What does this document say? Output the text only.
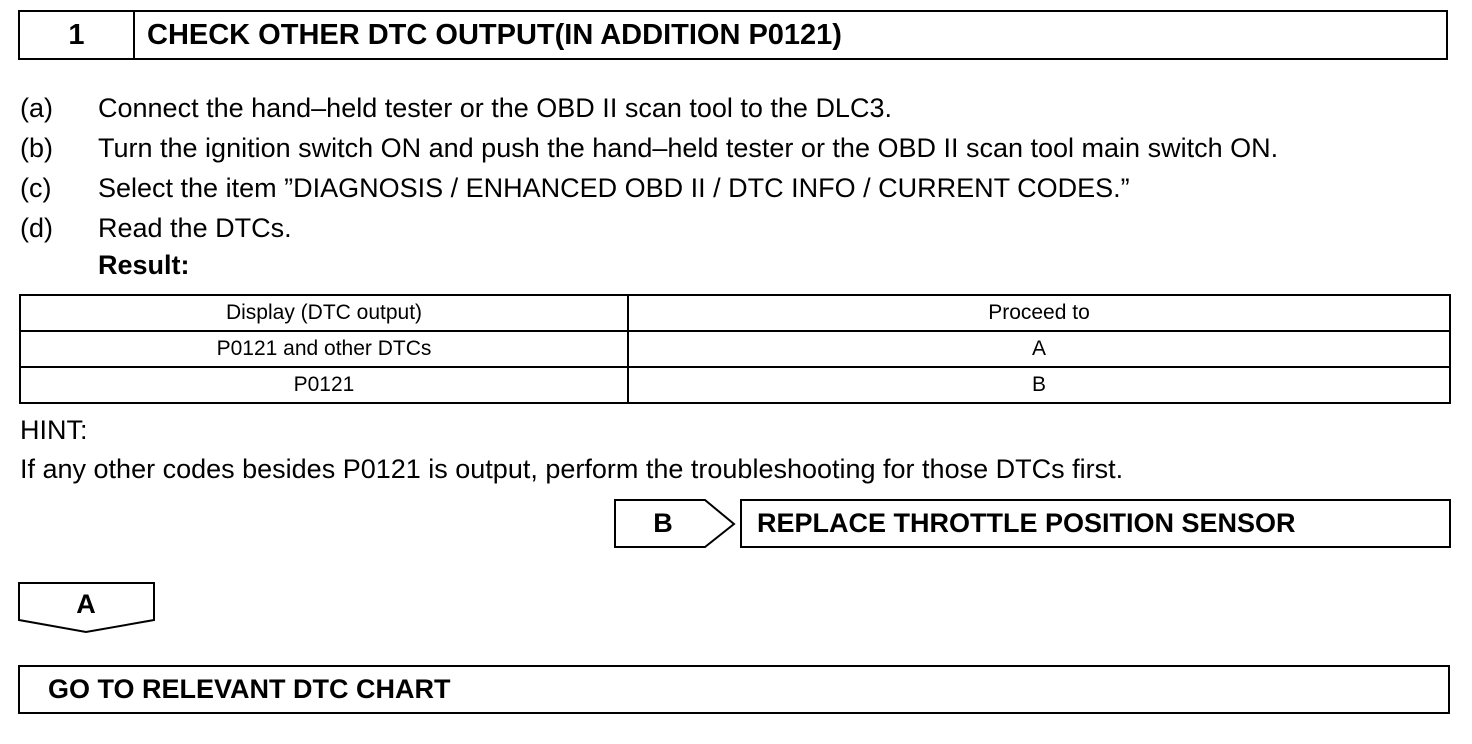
1	CHECK OTHER DTC OUTPUT(IN ADDITION P0121)
(a)	Connect the hand–held tester or the OBD II scan tool to the DLC3.
(b)	Turn the ignition switch ON and push the hand–held tester or the OBD II scan tool main switch ON.
(c)	Select the item ”DIAGNOSIS / ENHANCED OBD II / DTC INFO / CURRENT CODES.”
(d)	Read the DTCs.
Result:
Display (DTC output)	Proceed to
P0121 and other DTCs	A
P0121	B
HINT:
If any other codes besides P0121 is output, perform the troubleshooting for those DTCs first.
B	REPLACE THROTTLE POSITION SENSOR
A
GO TO RELEVANT DTC CHART
